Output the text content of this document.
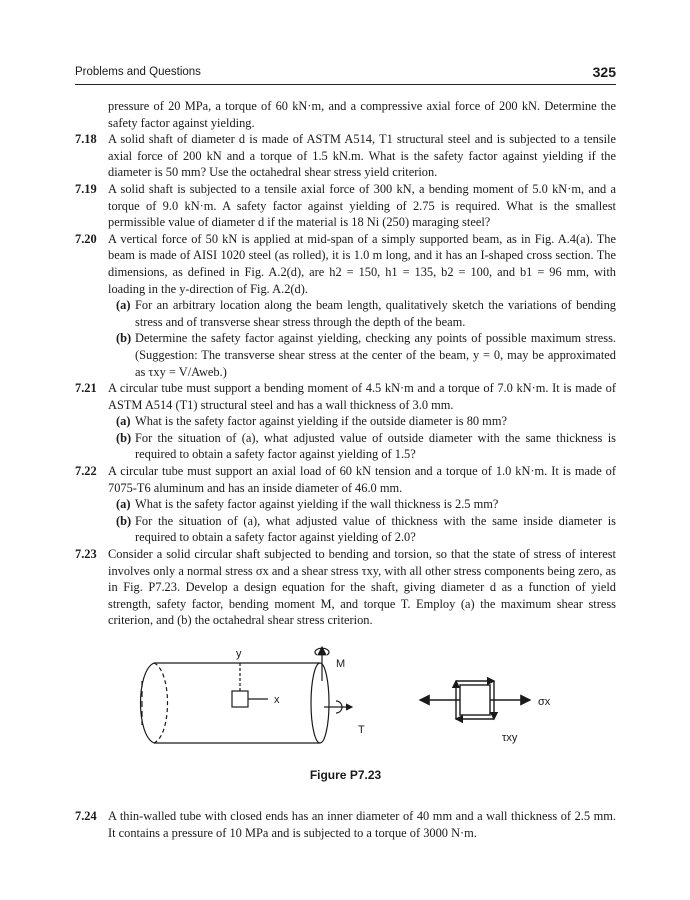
Problems and Questions	325
pressure of 20 MPa, a torque of 60 kN·m, and a compressive axial force of 200 kN. Determine the safety factor against yielding.
7.18 A solid shaft of diameter d is made of ASTM A514, T1 structural steel and is subjected to a tensile axial force of 200 kN and a torque of 1.5 kN.m. What is the safety factor against yielding if the diameter is 50 mm? Use the octahedral shear stress yield criterion.
7.19 A solid shaft is subjected to a tensile axial force of 300 kN, a bending moment of 5.0 kN·m, and a torque of 9.0 kN·m. A safety factor against yielding of 2.75 is required. What is the smallest permissible value of diameter d if the material is 18 Ni (250) maraging steel?
7.20 A vertical force of 50 kN is applied at mid-span of a simply supported beam, as in Fig. A.4(a). The beam is made of AISI 1020 steel (as rolled), it is 1.0 m long, and it has an I-shaped cross section. The dimensions, as defined in Fig. A.2(d), are h2 = 150, h1 = 135, b2 = 100, and b1 = 96 mm, with loading in the y-direction of Fig. A.2(d).
(a) For an arbitrary location along the beam length, qualitatively sketch the variations of bending stress and of transverse shear stress through the depth of the beam.
(b) Determine the safety factor against yielding, checking any points of possible maximum stress. (Suggestion: The transverse shear stress at the center of the beam, y = 0, may be approximated as τxy = V/Aweb.)
7.21 A circular tube must support a bending moment of 4.5 kN·m and a torque of 7.0 kN·m. It is made of ASTM A514 (T1) structural steel and has a wall thickness of 3.0 mm.
(a) What is the safety factor against yielding if the outside diameter is 80 mm?
(b) For the situation of (a), what adjusted value of outside diameter with the same thickness is required to obtain a safety factor against yielding of 1.5?
7.22 A circular tube must support an axial load of 60 kN tension and a torque of 1.0 kN·m. It is made of 7075-T6 aluminum and has an inside diameter of 46.0 mm.
(a) What is the safety factor against yielding if the wall thickness is 2.5 mm?
(b) For the situation of (a), what adjusted value of thickness with the same inside diameter is required to obtain a safety factor against yielding of 2.0?
7.23 Consider a solid circular shaft subjected to bending and torsion, so that the state of stress of interest involves only a normal stress σx and a shear stress τxy, with all other stress components being zero, as in Fig. P7.23. Develop a design equation for the shaft, giving diameter d as a function of yield strength, safety factor, bending moment M, and torque T. Employ (a) the maximum shear stress criterion, and (b) the octahedral shear stress criterion.
y
x
M
T
σx
τxy
Figure P7.23
7.24 A thin-walled tube with closed ends has an inner diameter of 40 mm and a wall thickness of 2.5 mm. It contains a pressure of 10 MPa and is subjected to a torque of 3000 N·m.
